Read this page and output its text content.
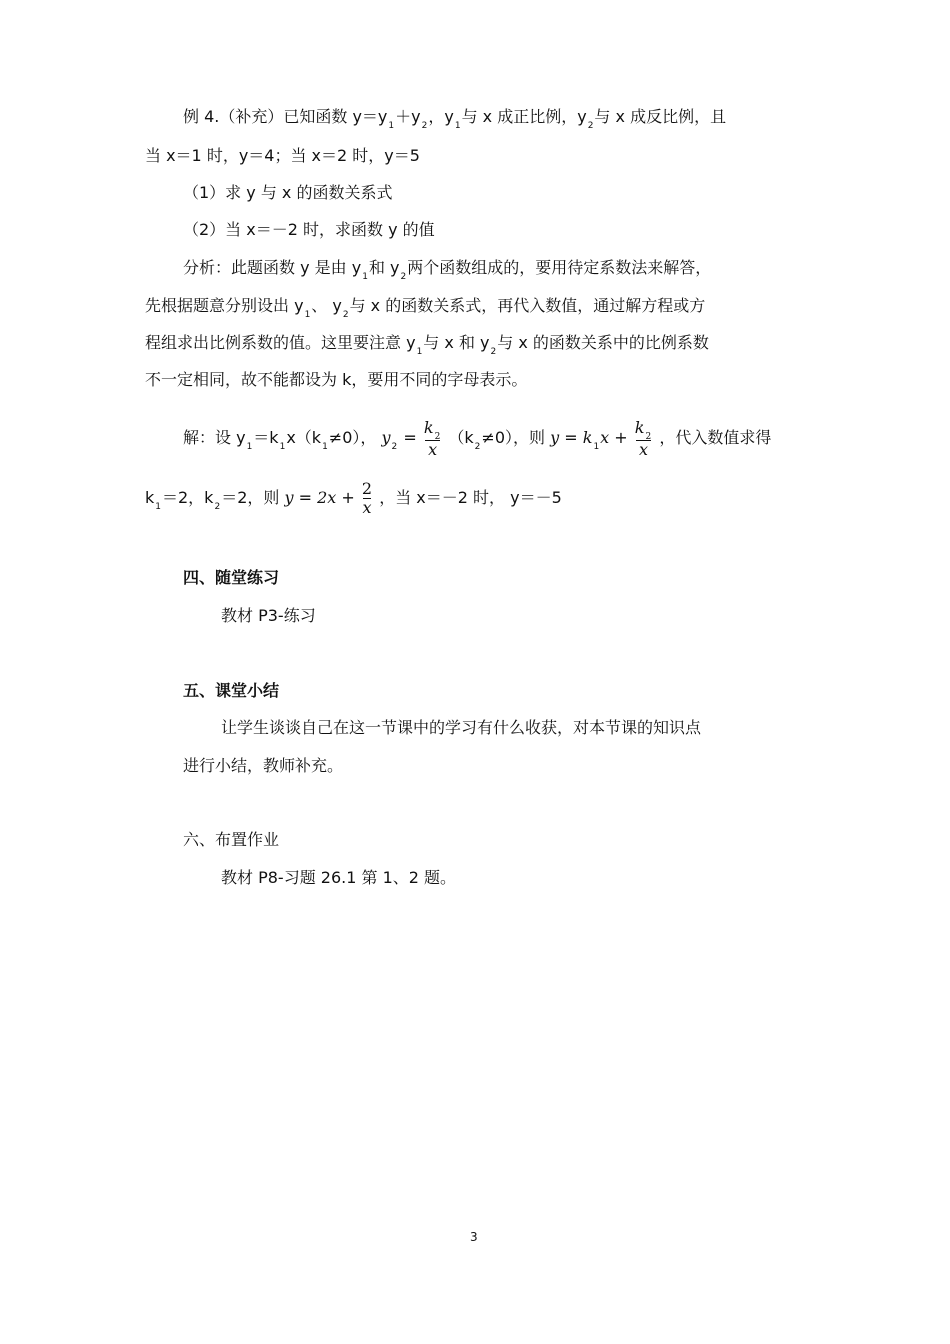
例 4.（补充）已知函数 $y=y_1+y_2$，$y_1$与 x 成正比例，$y_2$与 x 成反比例，且
当 x＝1 时，y＝4；当 x＝2 时，y＝5
（1）求 y 与 x 的函数关系式
（2）当 x＝－2 时，求函数 y 的值
分析：此题函数 y 是由 $y_1$和 $y_2$两个函数组成的，要用待定系数法来解答，
先根据题意分别设出 $y_1$、 $y_2$与 x 的函数关系式，再代入数值，通过解方程或方
程组求出比例系数的值。这里要注意 $y_1$与 x 和 $y_2$与 x 的函数关系中的比例系数
不一定相同，故不能都设为 k，要用不同的字母表示。
解：设 $y_1=k_1x(k_1\ne 0)$， $y_2 = \frac{k_2}{x} (k_2\ne 0)$，则 $y = k_1x + \frac{k_2}{x}$ ，代入数值求得
$k_1=2$，$k_2=2$，则 $y = 2x + \frac{2}{x}$ ，当 x＝－2 时， y＝－5
四、随堂练习
教材 P3-练习
五、课堂小结
让学生谈谈自己在这一节课中的学习有什么收获，对本节课的知识点
进行小结，教师补充。
六、布置作业
教材 P8-习题 26.1 第 1、2 题。
3
